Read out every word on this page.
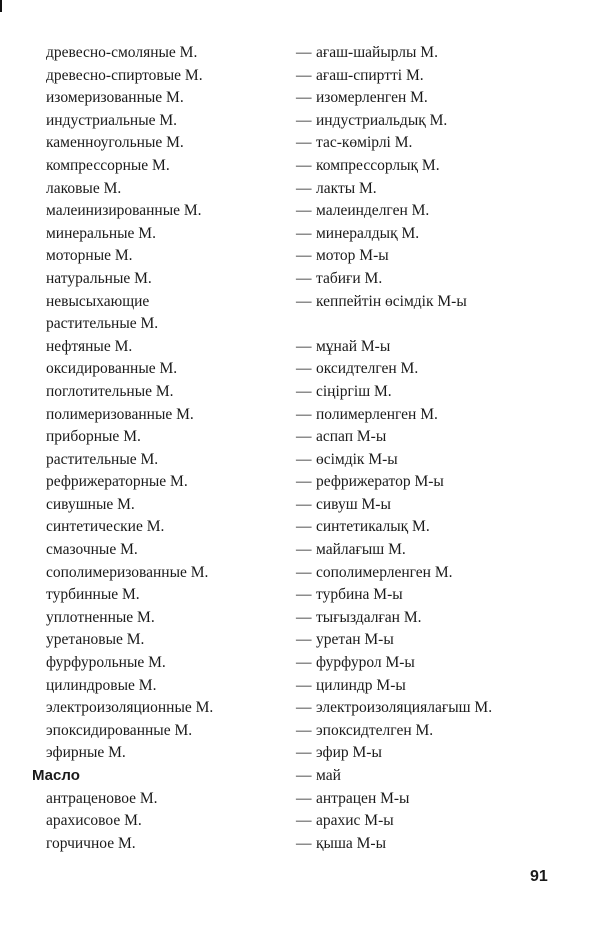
древесно-смоляные М.	— ағаш-шайырлы М.
древесно-спиртовые М.	— ағаш-спиртті М.
изомеризованные М.	— изомерленген М.
индустриальные М.	— индустриальдық М.
каменноугольные М.	— тас-көмірлі М.
компрессорные М.	— компрессорлық М.
лаковые М.	— лакты М.
малеинизированные М.	— малеинделген М.
минеральные М.	— минералдық М.
моторные М.	— мотор М-ы
натуральные М.	— табиғи М.
невысыхающие	— кеппейтін өсімдік М-ы
растительные М.
нефтяные М.	— мұнай М-ы
оксидированные М.	— оксидтелген М.
поглотительные М.	— сіңіргіш М.
полимеризованные М.	— полимерленген М.
приборные М.	— аспап М-ы
растительные М.	— өсімдік М-ы
рефрижераторные М.	— рефрижератор М-ы
сивушные М.	— сивуш М-ы
синтетические М.	— синтетикалық М.
смазочные М.	— майлағыш М.
сополимеризованные М.	— сополимерленген М.
турбинные М.	— турбина М-ы
уплотненные М.	— тығыздалған М.
уретановые М.	— уретан М-ы
фурфурольные М.	— фурфурол М-ы
цилиндровые М.	— цилиндр М-ы
электроизоляционные М.	— электроизоляциялағыш М.
эпоксидированные М.	— эпоксидтелген М.
эфирные М.	— эфир М-ы
Масло	— май
антраценовое М.	— антрацен М-ы
арахисовое М.	— арахис М-ы
горчичное М.	— қыша М-ы
91
